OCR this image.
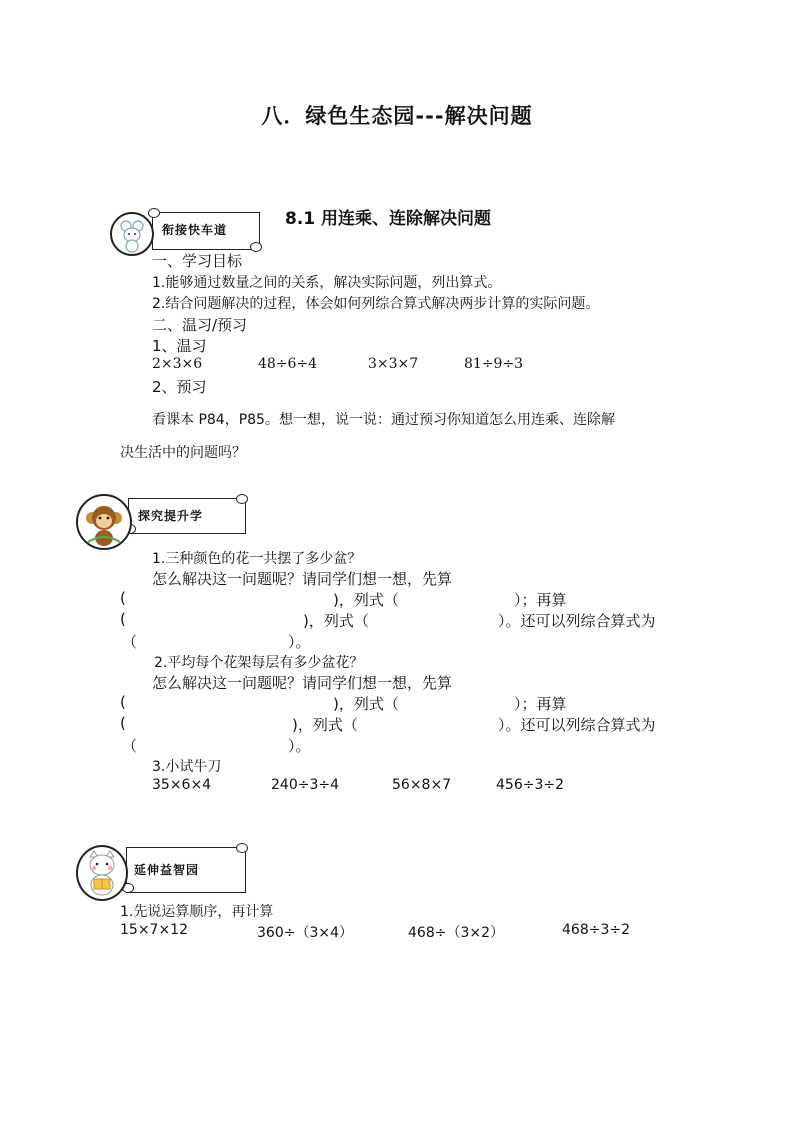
八．绿色生态园---解决问题
衔接快车道
8.1 用连乘、连除解决问题
一、学习目标
1.能够通过数量之间的关系，解决实际问题，列出算式。
2.结合问题解决的过程，体会如何列综合算式解决两步计算的实际问题。
二、温习/预习
1、温习
2×3×6	48÷6÷4	3×3×7	81÷9÷3
2、预习
看课本 P84，P85。想一想，说一说：通过预习你知道怎么用连乘、连除解
决生活中的问题吗？
探究提升学
1.三种颜色的花一共摆了多少盆？
怎么解决这一问题呢？请同学们想一想，先算
(	)，列式（	）；再算
(	)，列式（	）。还可以列综合算式为
（	）。
2.平均每个花架每层有多少盆花？
怎么解决这一问题呢？请同学们想一想，先算
(	)，列式（	）；再算
(	)，列式（	）。还可以列综合算式为
（	）。
3.小试牛刀
35×6×4	240÷3÷4	56×8×7	456÷3÷2
延伸益智园
1.先说运算顺序，再计算
15×7×12	360÷（3×4）	468÷（3×2）	468÷3÷2
